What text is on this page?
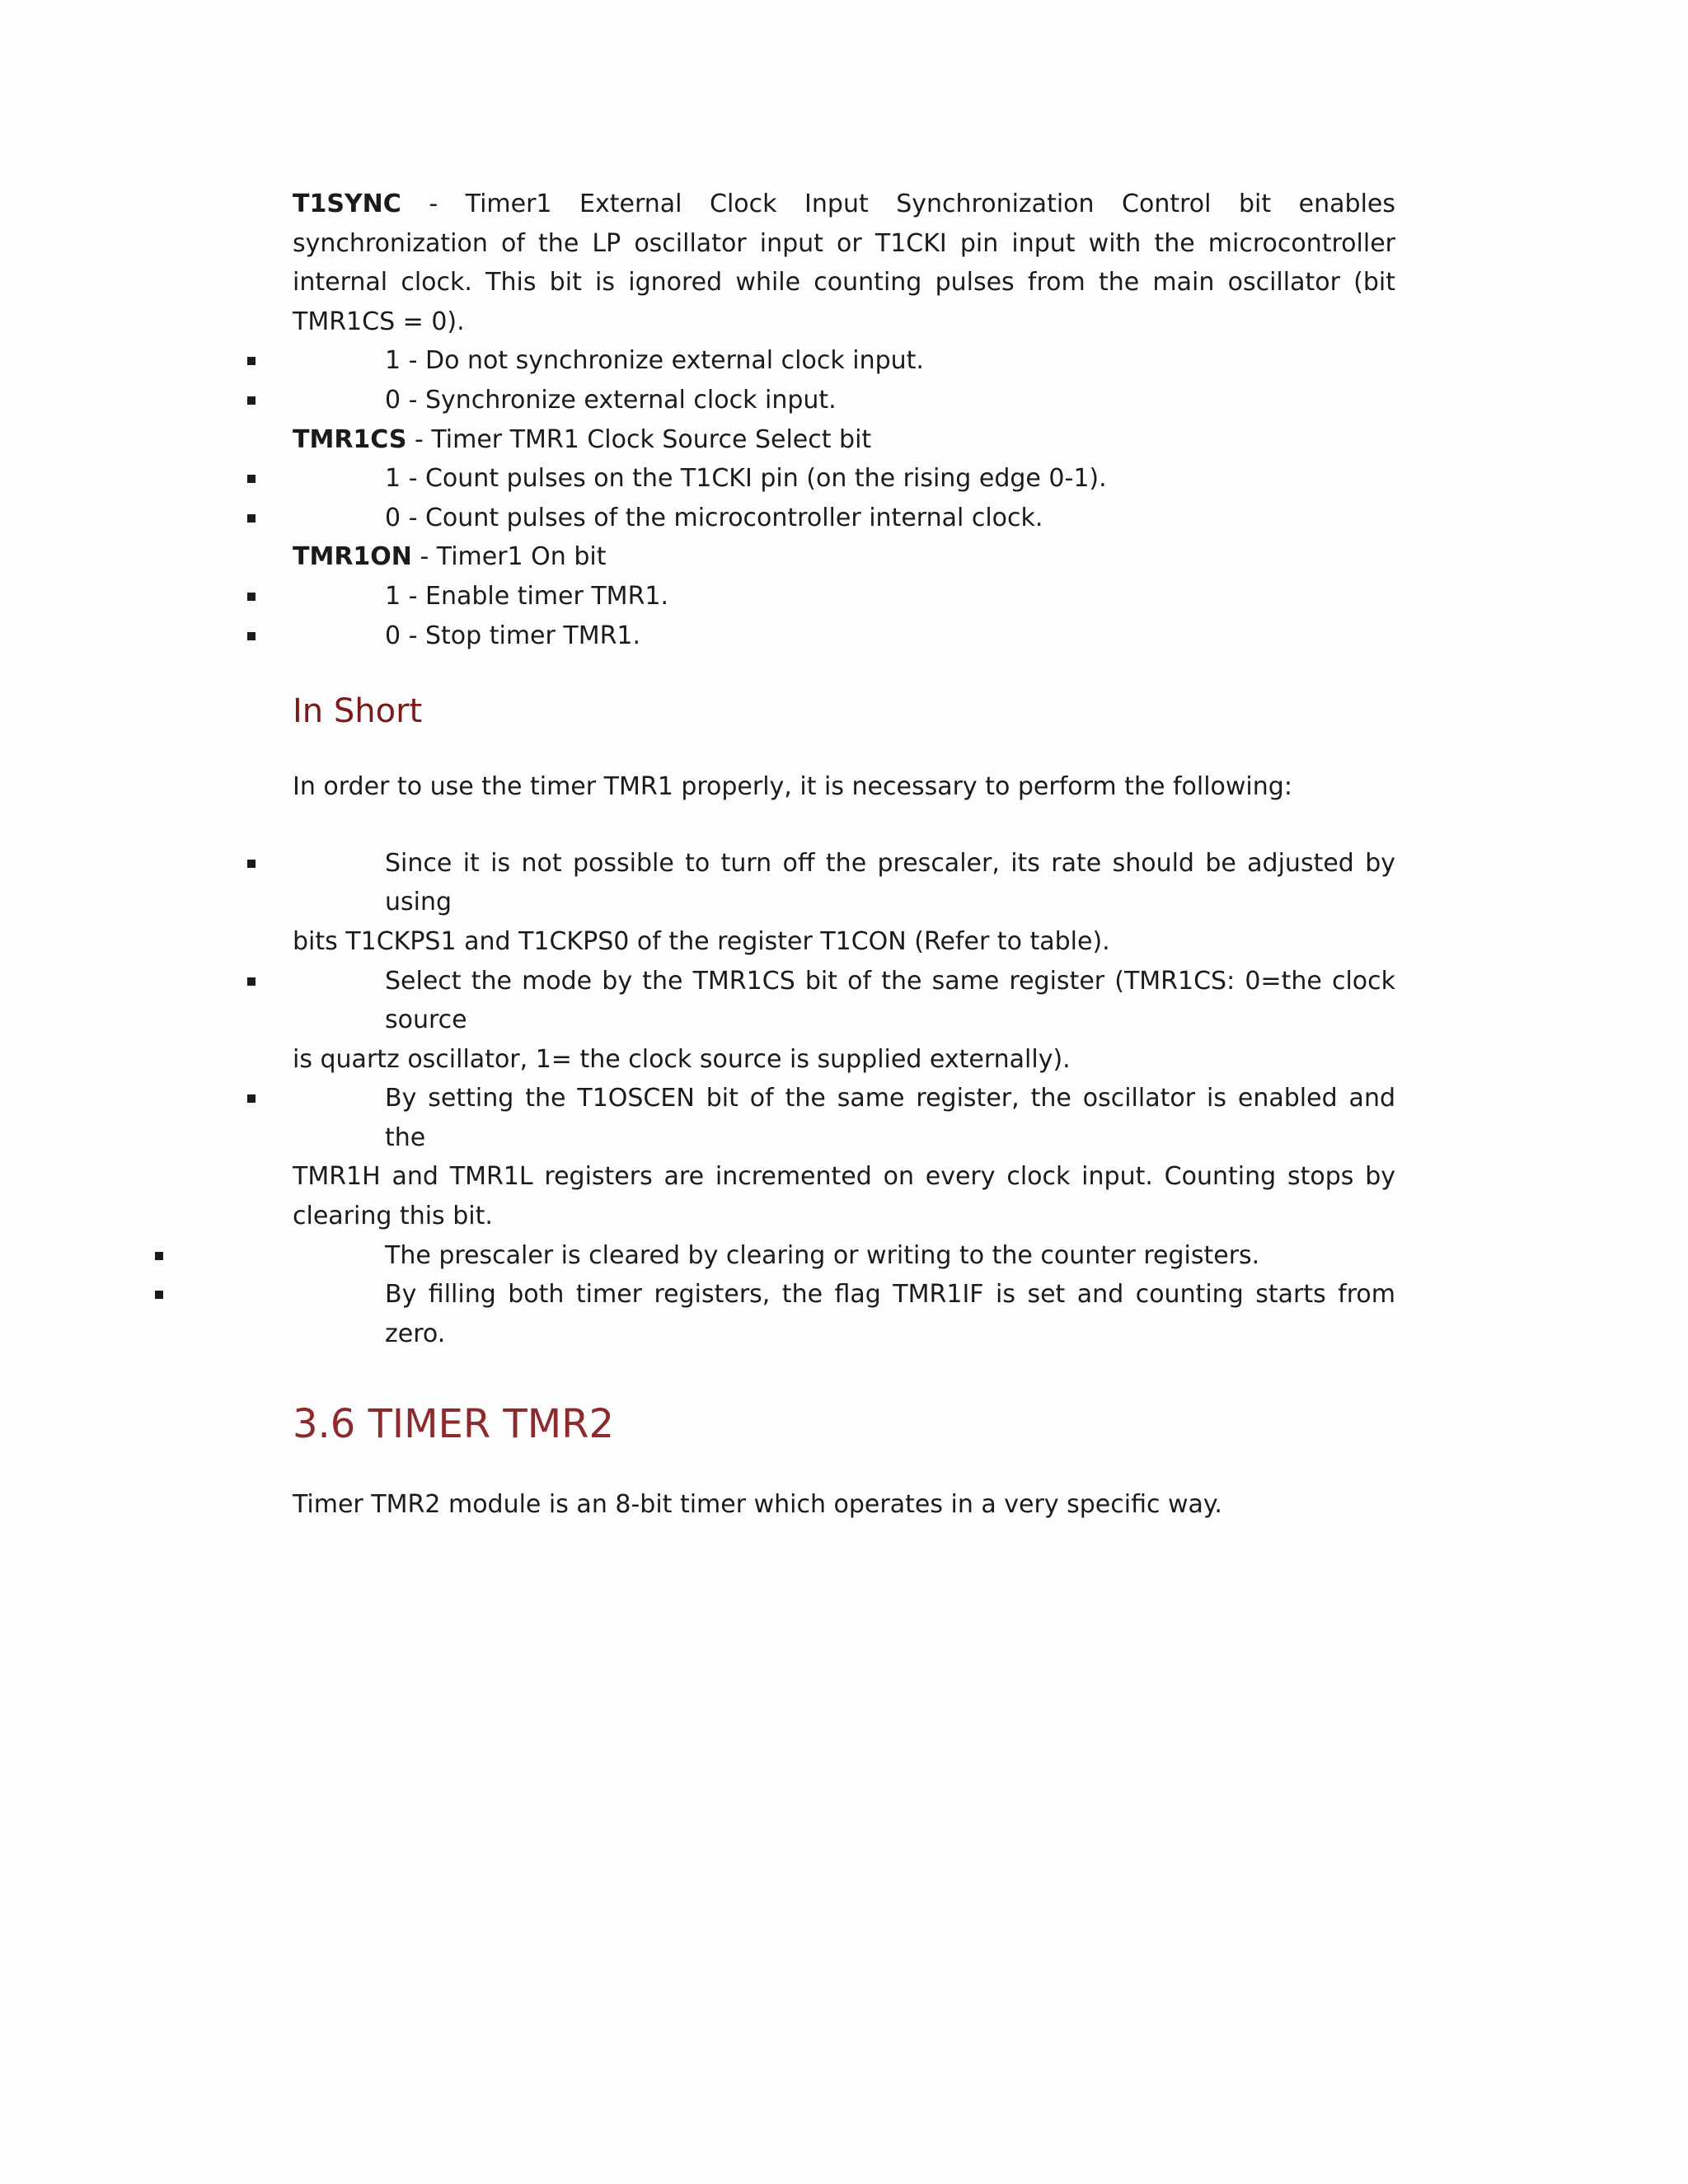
T1SYNC - Timer1 External Clock Input Synchronization Control bit enables synchronization of the LP oscillator input or T1CKI pin input with the microcontroller internal clock. This bit is ignored while counting pulses from the main oscillator (bit TMR1CS = 0).

1 - Do not synchronize external clock input.
0 - Synchronize external clock input.

TMR1CS - Timer TMR1 Clock Source Select bit

1 - Count pulses on the T1CKI pin (on the rising edge 0-1).
0 - Count pulses of the microcontroller internal clock.

TMR1ON - Timer1 On bit

1 - Enable timer TMR1.
0 - Stop timer TMR1.
In Short

In order to use the timer TMR1 properly, it is necessary to perform the following:

Since it is not possible to turn off the prescaler, its rate should be adjusted by using
bits T1CKPS1 and T1CKPS0 of the register T1CON (Refer to table).
Select the mode by the TMR1CS bit of the same register (TMR1CS: 0=the clock source
is quartz oscillator, 1= the clock source is supplied externally).
By setting the T1OSCEN bit of the same register, the oscillator is enabled and the
TMR1H and TMR1L registers are incremented on every clock input. Counting stops by clearing this bit.
The prescaler is cleared by clearing or writing to the counter registers.
By filling both timer registers, the flag TMR1IF is set and counting starts from zero.
3.6 TIMER TMR2

Timer TMR2 module is an 8-bit timer which operates in a very specific way.
